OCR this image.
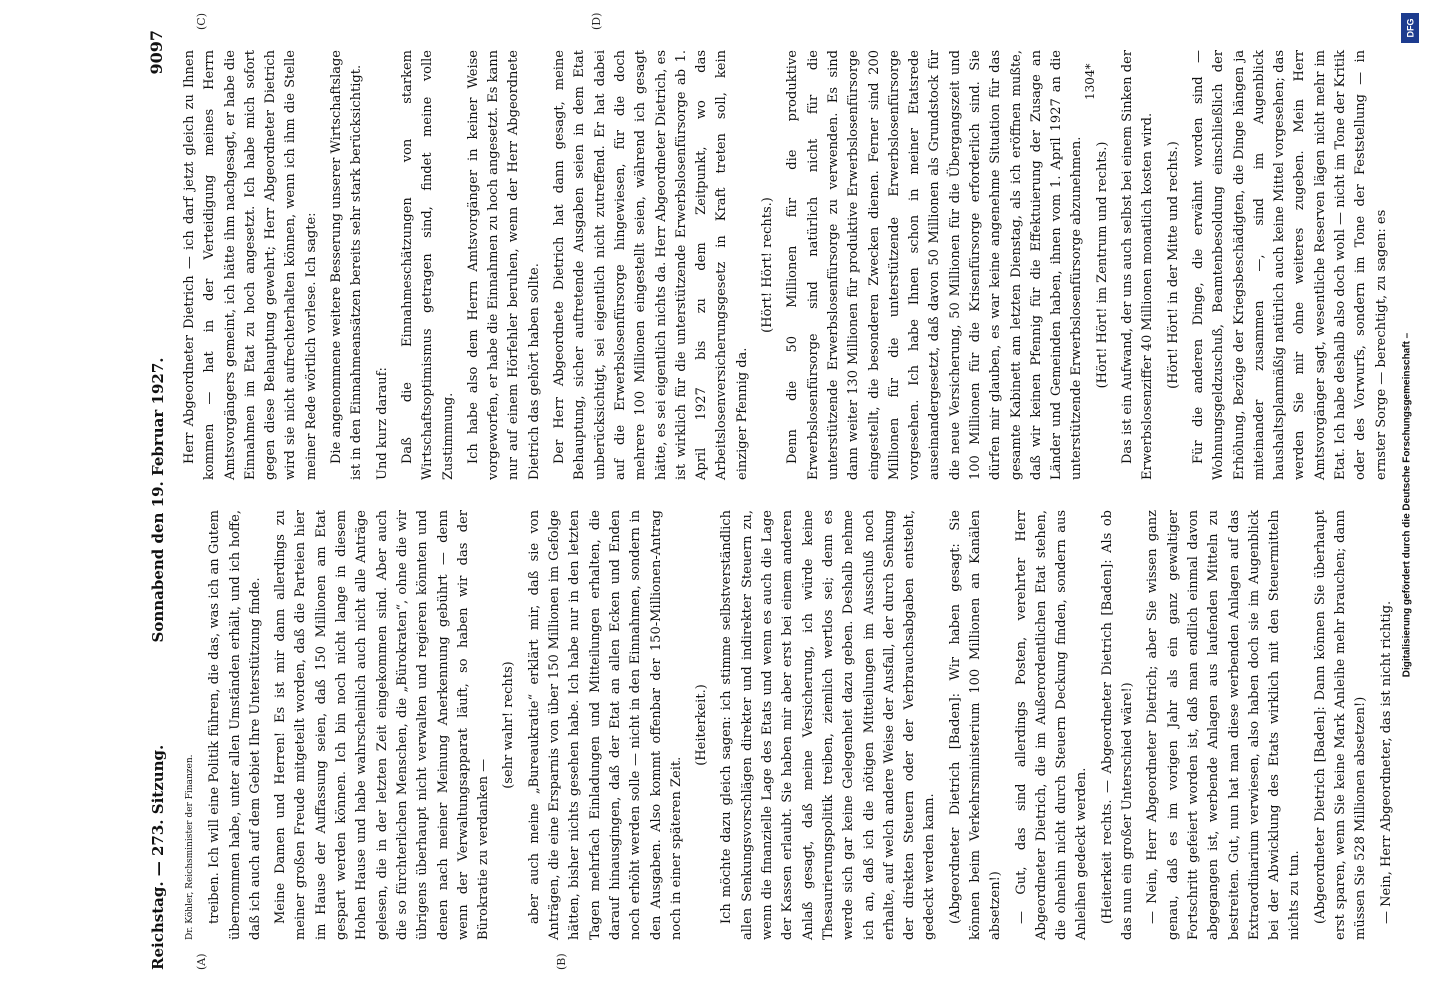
Reichstag. — 273. Sitzung.
Sonnabend den 19. Februar 1927.
9097
(A)	(B)
(C)	(D)

Dr. Köhler, Reichsminister der Finanzen. treiben. Ich will eine Politik führen, die das, was ich an Gutem übernommen habe, unter allen Umständen erhält, und ich hoffe, daß ich auch auf dem Gebiet Ihre Unterstützung finde. Meine Damen und Herren! Es ist mir dann allerdings zu meiner großen Freude mitgeteilt worden, daß die Parteien hier im Hause der Auffassung seien, daß 150 Millionen am Etat gespart werden können. Ich bin noch nicht lange in diesem Hohen Hause und habe wahrscheinlich auch nicht alle Anträge gelesen, die in der letzten Zeit eingekommen sind. Aber auch die so fürchterlichen Menschen, die „Bürokraten“, ohne die wir übrigens überhaupt nicht verwalten und regieren könnten und denen nach meiner Meinung Anerkennung gebührt — denn wenn der Verwaltungsapparat läuft, so haben wir das der Bürokratie zu verdanken —

(sehr wahr! rechts) aber auch meine „Bureaukratie“ erklärt mir, daß sie von Anträgen, die eine Ersparnis von über 150 Millionen im Gefolge hätten, bisher nichts gesehen habe. Ich habe nur in den letzten Tagen mehrfach Einladungen und Mitteilungen erhalten, die darauf hinausgingen, daß der Etat an allen Ecken und Enden noch erhöht werden solle — nicht in den Einnahmen, sondern in den Ausgaben. Also kommt offenbar der 150-Millionen-Antrag noch in einer späteren Zeit.

(Heiterkeit.) Ich möchte dazu gleich sagen: ich stimme selbstverständlich allen Senkungsvorschlägen direkter und indirekter Steuern zu, wenn die finanzielle Lage des Etats und wenn es auch die Lage der Kassen erlaubt. Sie haben mir aber erst bei einem anderen Anlaß gesagt, daß meine Versicherung, ich würde keine Thesaurierungspolitik treiben, ziemlich wertlos sei; denn es werde sich gar keine Gelegenheit dazu geben. Deshalb nehme ich an, daß ich die nötigen Mitteilungen im Ausschuß noch erhalte, auf welch andere Weise der Ausfall, der durch Senkung der direkten Steuern oder der Verbrauchsabgaben entsteht, gedeckt werden kann. (Abgeordneter Dietrich [Baden]: Wir haben gesagt: Sie können beim Verkehrsministerium 100 Millionen an Kanälen absetzen!) — Gut, das sind allerdings Posten, verehrter Herr Abgeordneter Dietrich, die im Außerordentlichen Etat stehen, die ohnehin nicht durch Steuern Deckung finden, sondern aus Anleihen gedeckt werden. (Heiterkeit rechts. — Abgeordneter Dietrich [Baden]: Als ob das nun ein großer Unterschied wäre!) — Nein, Herr Abgeordneter Dietrich; aber Sie wissen ganz genau, daß es im vorigen Jahr als ein ganz gewaltiger Fortschritt gefeiert worden ist, daß man endlich einmal davon abgegangen ist, werbende Anlagen aus laufenden Mitteln zu bestreiten. Gut, nun hat man diese werbenden Anlagen auf das Extraordinarium verwiesen, also haben doch sie im Augenblick bei der Abwicklung des Etats wirklich mit den Steuermitteln nichts zu tun. (Abgeordneter Dietrich [Baden]: Dann können Sie überhaupt erst sparen, wenn Sie keine Mark Anleihe mehr brauchen; dann müssen Sie 528 Millionen absetzen!) — Nein, Herr Abgeordneter, das ist nicht richtig.

Herr Abgeordneter Dietrich — ich darf jetzt gleich zu Ihnen kommen — hat in der Verteidigung meines Herrn Amtsvorgängers gemeint, ich hätte ihm nachgesagt, er habe die Einnahmen im Etat zu hoch angesetzt. Ich habe mich sofort gegen diese Behauptung gewehrt; Herr Abgeordneter Dietrich wird sie nicht aufrechterhalten können, wenn ich ihm die Stelle meiner Rede wörtlich vorlese. Ich sagte: Die angenommene weitere Besserung unserer Wirtschaftslage ist in den Einnahmeansätzen bereits sehr stark berücksichtigt. Und kurz darauf: Daß die Einnahmeschätzungen von starkem Wirtschaftsoptimismus getragen sind, findet meine volle Zustimmung. Ich habe also dem Herrn Amtsvorgänger in keiner Weise vorgeworfen, er habe die Einnahmen zu hoch angesetzt. Es kann nur auf einem Hörfehler beruhen, wenn der Herr Abgeordnete Dietrich das gehört haben sollte. Der Herr Abgeordnete Dietrich hat dann gesagt, meine Behauptung, sicher auftretende Ausgaben seien in dem Etat unberücksichtigt, sei eigentlich nicht zutreffend. Er hat dabei auf die Erwerbslosenfürsorge hingewiesen, für die doch mehrere 100 Millionen eingestellt seien, während ich gesagt hätte, es sei eigentlich nichts da. Herr Abgeordneter Dietrich, es ist wirklich für die unterstützende Erwerbslosenfürsorge ab 1. April 1927 bis zu dem Zeitpunkt, wo das Arbeitslosenversicherungsgesetz in Kraft treten soll, kein einziger Pfennig da.

(Hört! Hört! rechts.) Denn die 50 Millionen für die produktive Erwerbslosenfürsorge sind natürlich nicht für die unterstützende Erwerbslosenfürsorge zu verwenden. Es sind dann weiter 130 Millionen für produktive Erwerbslosenfürsorge eingestellt, die besonderen Zwecken dienen. Ferner sind 200 Millionen für die unterstützende Erwerbslosenfürsorge vorgesehen. Ich habe Ihnen schon in meiner Etatsrede auseinandergesetzt, daß davon 50 Millionen als Grundstock für die neue Versicherung, 50 Millionen für die Übergangszeit und 100 Millionen für die Krisenfürsorge erforderlich sind. Sie dürfen mir glauben, es war keine angenehme Situation für das gesamte Kabinett am letzten Dienstag, als ich eröffnen mußte, daß wir keinen Pfennig für die Effektuierung der Zusage an Länder und Gemeinden haben, ihnen vom 1. April 1927 an die unterstützende Erwerbslosenfürsorge abzunehmen. (Hört! Hört! im Zentrum und rechts.) Das ist ein Aufwand, der uns auch selbst bei einem Sinken der Erwerbslosenziffer 40 Millionen monatlich kosten wird. (Hört! Hört! in der Mitte und rechts.) Für die anderen Dinge, die erwähnt worden sind — Wohnungsgeldzuschuß, Beamtenbesoldung einschließlich der Erhöhung, Bezüge der Kriegsbeschädigten, die Dinge hängen ja miteinander zusammen —, sind im Augenblick haushaltsplanmäßig natürlich auch keine Mittel vorgesehen; das werden Sie mir ohne weiteres zugeben. Mein Herr Amtsvorgänger sagt, wesentliche Reserven lägen nicht mehr im Etat. Ich habe deshalb also doch wohl — nicht im Tone der Kritik oder des Vorwurfs, sondern im Tone der Feststellung — in ernster Sorge — berechtigt, zu sagen: es

1304*
DFG
Digitalisierung gefördert durch die Deutsche Forschungsgemeinschaft –
